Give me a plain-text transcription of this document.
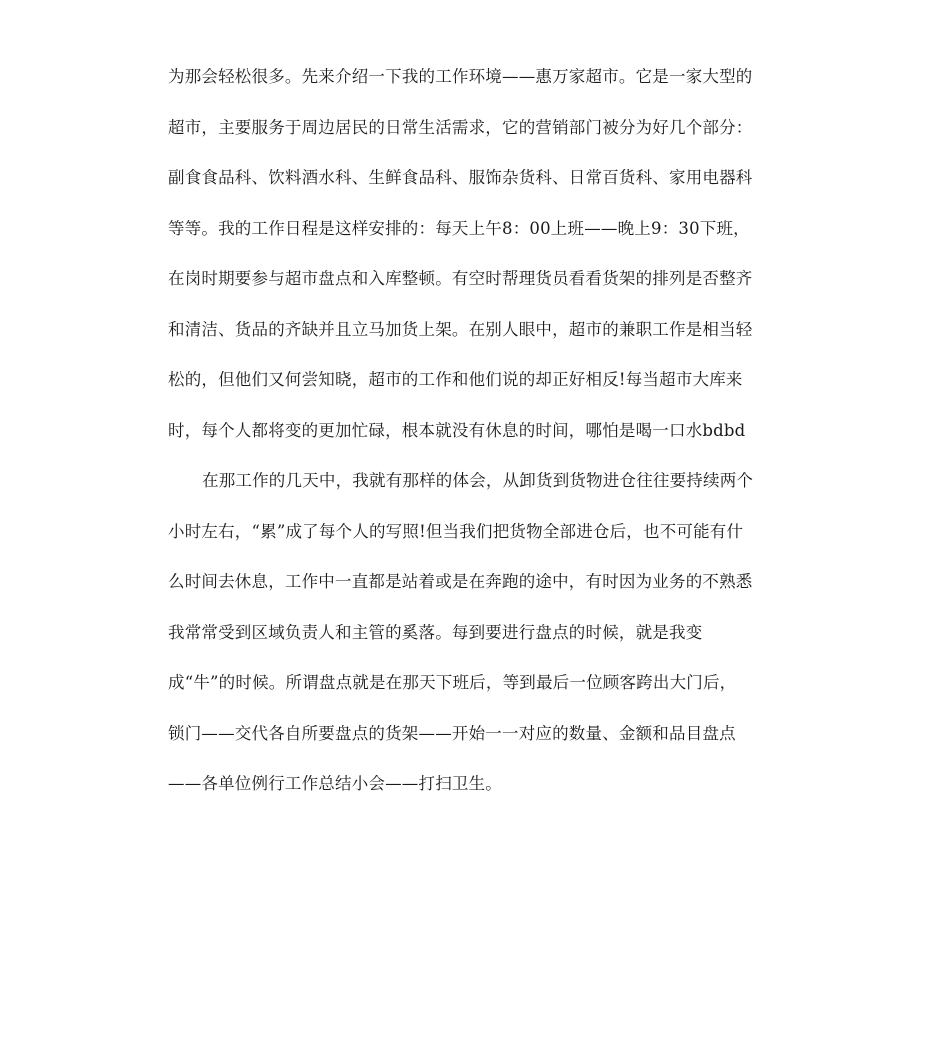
为那会轻松很多。先来介绍一下我的工作环境——惠万家超市。它是一家大型的
超市，主要服务于周边居民的日常生活需求，它的营销部门被分为好几个部分：
副食食品科、饮料酒水科、生鲜食品科、服饰杂货科、日常百货科、家用电器科
等等。我的工作日程是这样安排的：每天上午8：00上班——晚上9：30下班，
在岗时期要参与超市盘点和入库整顿。有空时帮理货员看看货架的排列是否整齐
和清洁、货品的齐缺并且立马加货上架。在别人眼中，超市的兼职工作是相当轻
松的，但他们又何尝知晓，超市的工作和他们说的却正好相反!每当超市大库来
时，每个人都将变的更加忙碌，根本就没有休息的时间，哪怕是喝一口水bdbd
在那工作的几天中，我就有那样的体会，从卸货到货物进仓往往要持续两个
小时左右，“累”成了每个人的写照!但当我们把货物全部进仓后，也不可能有什
么时间去休息，工作中一直都是站着或是在奔跑的途中，有时因为业务的不熟悉
我常常受到区域负责人和主管的奚落。每到要进行盘点的时候，就是我变
成“牛”的时候。所谓盘点就是在那天下班后，等到最后一位顾客跨出大门后，
锁门——交代各自所要盘点的货架——开始一一对应的数量、金额和品目盘点
——各单位例行工作总结小会——打扫卫生。
